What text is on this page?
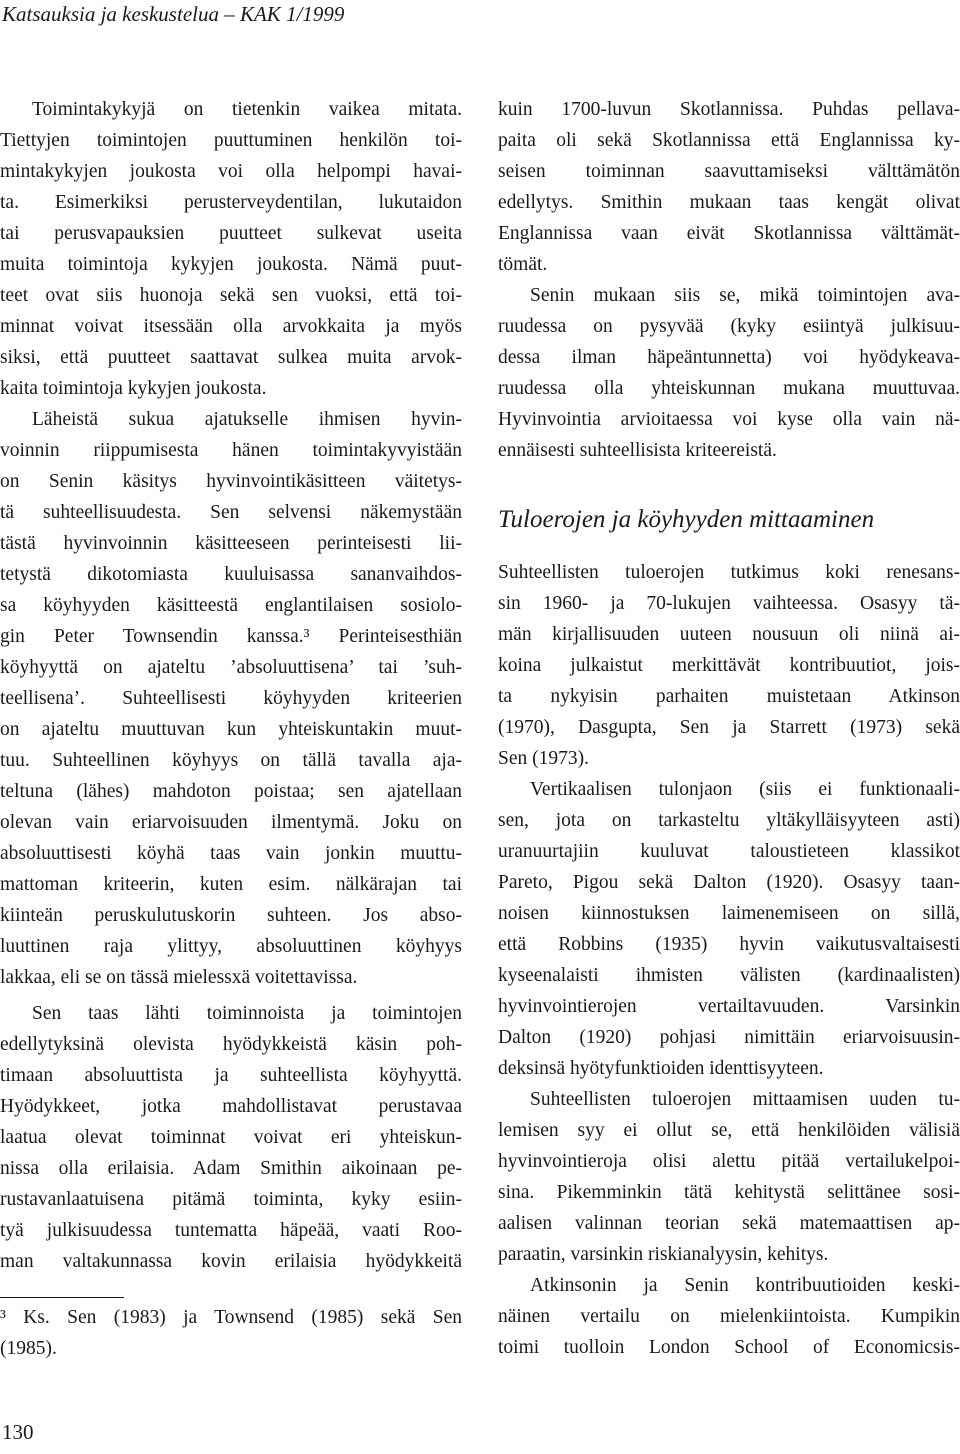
Katsauksia ja keskustelua – KAK 1/1999
Toimintakykyjä on tietenkin vaikea mitata.
Tiettyjen toimintojen puuttuminen henkilön toi-
mintakykyjen joukosta voi olla helpompi havai-
ta. Esimerkiksi perusterveydentilan, lukutaidon
tai perusvapauksien puutteet sulkevat useita
muita toimintoja kykyjen joukosta. Nämä puut-
teet ovat siis huonoja sekä sen vuoksi, että toi-
minnat voivat itsessään olla arvokkaita ja myös
siksi, että puutteet saattavat sulkea muita arvok-
kaita toimintoja kykyjen joukosta.
Läheistä sukua ajatukselle ihmisen hyvin-
voinnin riippumisesta hänen toimintakyvyistään
on Senin käsitys hyvinvointikäsitteen väitetys-
tä suhteellisuudesta. Sen selvensi näkemystään
tästä hyvinvoinnin käsitteeseen perinteisesti lii-
tetystä dikotomiasta kuuluisassa sananvaihdos-
sa köyhyyden käsitteestä englantilaisen sosiolo-
gin Peter Townsendin kanssa.³ Perinteisesthiän
köyhyyttä on ajateltu ’absoluuttisena’ tai ’suh-
teellisena’. Suhteellisesti köyhyyden kriteerien
on ajateltu muuttuvan kun yhteiskuntakin muut-
tuu. Suhteellinen köyhyys on tällä tavalla aja-
teltuna (lähes) mahdoton poistaa; sen ajatellaan
olevan vain eriarvoisuuden ilmentymä. Joku on
absoluuttisesti köyhä taas vain jonkin muuttu-
mattoman kriteerin, kuten esim. nälkärajan tai
kiinteän peruskulutuskorin suhteen. Jos abso-
luuttinen raja ylittyy, absoluuttinen köyhyys
lakkaa, eli se on tässä mielessxä voitettavissa.
Sen taas lähti toiminnoista ja toimintojen
edellytyksinä olevista hyödykkeistä käsin poh-
timaan absoluuttista ja suhteellista köyhyyttä.
Hyödykkeet, jotka mahdollistavat perustavaa
laatua olevat toiminnat voivat eri yhteiskun-
nissa olla erilaisia. Adam Smithin aikoinaan pe-
rustavanlaatuisena pitämä toiminta, kyky esiin-
tyä julkisuudessa tuntematta häpeää, vaati Roo-
man valtakunnassa kovin erilaisia hyödykkeitä
³ Ks. Sen (1983) ja Townsend (1985) sekä Sen
(1985).
kuin 1700-luvun Skotlannissa. Puhdas pellava-
paita oli sekä Skotlannissa että Englannissa ky-
seisen toiminnan saavuttamiseksi välttämätön
edellytys. Smithin mukaan taas kengät olivat
Englannissa vaan eivät Skotlannissa välttämät-
tömät.
Senin mukaan siis se, mikä toimintojen ava-
ruudessa on pysyvää (kyky esiintyä julkisuu-
dessa ilman häpeäntunnetta) voi hyödykeava-
ruudessa olla yhteiskunnan mukana muuttuvaa.
Hyvinvointia arvioitaessa voi kyse olla vain nä-
ennäisesti suhteellisista kriteereistä.
Tuloerojen ja köyhyyden mittaaminen
Suhteellisten tuloerojen tutkimus koki renesans-
sin 1960- ja 70-lukujen vaihteessa. Osasyy tä-
män kirjallisuuden uuteen nousuun oli niinä ai-
koina julkaistut merkittävät kontribuutiot, jois-
ta nykyisin parhaiten muistetaan Atkinson
(1970), Dasgupta, Sen ja Starrett (1973) sekä
Sen (1973).
Vertikaalisen tulonjaon (siis ei funktionaali-
sen, jota on tarkasteltu yltäkylläisyyteen asti)
uranuurtajiin kuuluvat taloustieteen klassikot
Pareto, Pigou sekä Dalton (1920). Osasyy taan-
noisen kiinnostuksen laimenemiseen on sillä,
että Robbins (1935) hyvin vaikutusvaltaisesti
kyseenalaisti ihmisten välisten (kardinaalisten)
hyvinvointierojen vertailtavuuden. Varsinkin
Dalton (1920) pohjasi nimittäin eriarvoisuusin-
deksinsä hyötyfunktioiden identtisyyteen.
Suhteellisten tuloerojen mittaamisen uuden tu-
lemisen syy ei ollut se, että henkilöiden välisiä
hyvinvointieroja olisi alettu pitää vertailukelpoi-
sina. Pikemminkin tätä kehitystä selittänee sosi-
aalisen valinnan teorian sekä matemaattisen ap-
paraatin, varsinkin riskianalyysin, kehitys.
Atkinsonin ja Senin kontribuutioiden keski-
näinen vertailu on mielenkiintoista. Kumpikin
toimi tuolloin London School of Economicsis-
130
